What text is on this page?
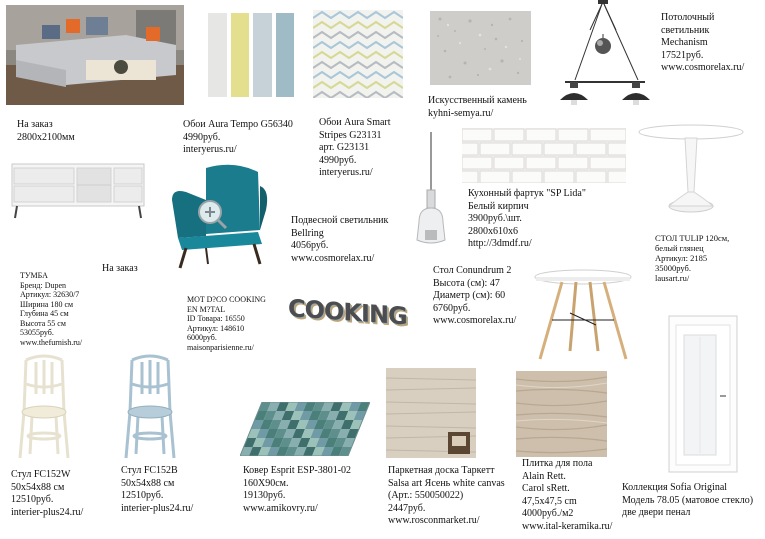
На заказ
2800х2100мм
Обои Aura Tempo G56340
4990руб.
interyerus.ru/
Обои Aura Smart
Stripes G23131
арт. G23131
4990руб.
interyerus.ru/
Искусственный камень
kyhni-semya.ru/
Потолочный
светильник
Mechanism
17521руб.
www.cosmorelax.ru/
ТУМБА
Бренд: Dupen
Артикул: 32630/7
Ширина 180 см
Глубина 45 см
Высота 55 см
53055руб.
www.thefurnish.ru/
На заказ
Подвесной светильник
Bellring
4056руб.
www.cosmorelax.ru/
Кухонный фартук "SP Lida"
Белый кирпич
3900руб.\шт.
2800x610x6
http://3dmdf.ru/	СТОЛ TULIP 120см,
белый глянец
Артикул: 2185
35000руб.
lausart.ru/
COOKING
MOT D?CO COOKING
EN M?TAL
ID Товара: 16550
Артикул: 148610
6000руб.
maisonparisienne.ru/
Стол Conundrum 2
Высота (см): 47
Диаметр (см): 60
6760руб.
www.cosmorelax.ru/
Коллекция Sofia Original
Модель 78.05 (матовое стекло)
две двери пенал
Стул FC152W
50x54x88 см
12510руб.
interier-plus24.ru/
Стул FC152B
50x54x88 см
12510руб.
interier-plus24.ru/
Ковер Esprit ESP-3801-02
160X90см.
19130руб.
www.amikovry.ru/
Паркетная доска Таркетт
Salsa art Ясень white canvas
(Арт.: 550050022)
2447руб.
www.rosconmarket.ru/
Плитка для пола
Alain Rett.
Carol sRett.
47,5x47,5 cm
4000руб./м2
www.ital-keramika.ru/
